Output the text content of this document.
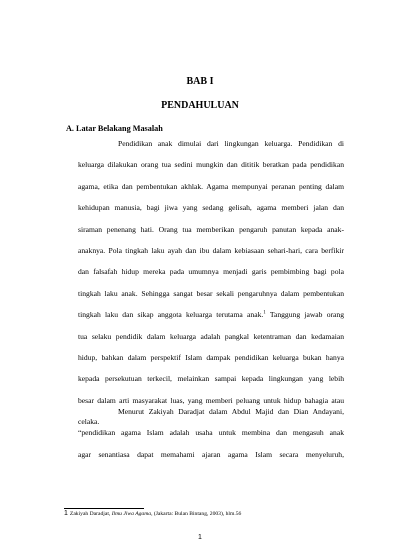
BAB I
PENDAHULUAN
A. Latar Belakang Masalah
Pendidikan anak dimulai dari lingkungan keluarga. Pendidikan di
keluarga dilakukan orang tua sedini mungkin dan dititik beratkan pada pendidikan
agama, etika dan pembentukan akhlak. Agama mempunyai peranan penting dalam
kehidupan manusia, bagi jiwa yang sedang gelisah, agama memberi jalan dan
siraman penenang hati. Orang tua memberikan pengaruh panutan kepada anak-
anaknya. Pola tingkah laku ayah dan ibu dalam kebiasaan sehari-hari, cara berfikir
dan falsafah hidup mereka pada umumnya menjadi garis pembimbing bagi pola
tingkah laku anak. Sehingga sangat besar sekali pengaruhnya dalam pembentukan
tingkah laku dan sikap anggota keluarga terutama anak.$^1$ Tanggung jawab orang
tua selaku pendidik dalam keluarga adalah pangkal ketentraman dan kedamaian
hidup, bahkan dalam perspektif Islam dampak pendidikan keluarga bukan hanya
kepada persekutuan terkecil, melainkan sampai kepada lingkungan yang lebih
besar dalam arti masyarakat luas, yang memberi peluang untuk hidup bahagia atau
celaka.
Menurut Zakiyah Daradjat dalam Abdul Majid dan Dian Andayani,
“pendidikan agama Islam adalah usaha untuk membina dan mengasuh anak
agar senantiasa dapat memahami ajaran agama Islam secara menyeluruh,
1 Zakiyah Daradjat, Ilmu Jiwa Agama, (Jakarta: Bulan Bintang, 2003), hlm.56
1
